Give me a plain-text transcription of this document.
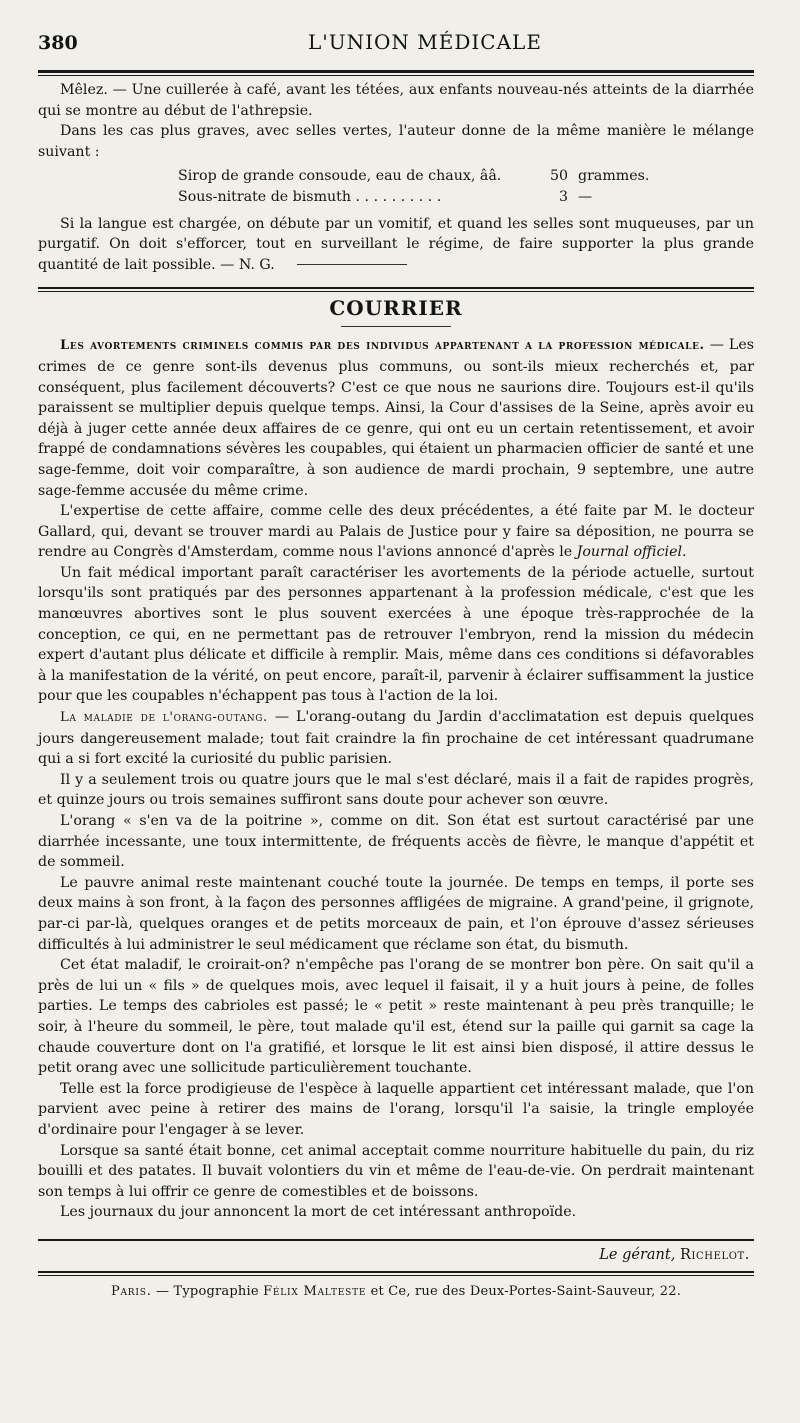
380	L'UNION MÉDICALE

Mêlez. — Une cuillerée à café, avant les tétées, aux enfants nouveau-nés atteints de la diarrhée qui se montre au début de l'athrepsie.

Dans les cas plus graves, avec selles vertes, l'auteur donne de la même manière le mélange suivant :

Sirop de grande consoude, eau de chaux, ââ.	50 grammes.
Sous-nitrate de bismuth . . . . . . . . . .	3 —

Si la langue est chargée, on débute par un vomitif, et quand les selles sont muqueuses, par un purgatif. On doit s'efforcer, tout en surveillant le régime, de faire supporter la plus grande quantité de lait possible. — N. G.

COURRIER

Les avortements criminels commis par des individus appartenant a la profession médicale. — Les crimes de ce genre sont-ils devenus plus communs, ou sont-ils mieux recherchés et, par conséquent, plus facilement découverts? C'est ce que nous ne saurions dire. Toujours est-il qu'ils paraissent se multiplier depuis quelque temps. Ainsi, la Cour d'assises de la Seine, après avoir eu déjà à juger cette année deux affaires de ce genre, qui ont eu un certain retentissement, et avoir frappé de condamnations sévères les coupables, qui étaient un pharmacien officier de santé et une sage-femme, doit voir comparaître, à son audience de mardi prochain, 9 septembre, une autre sage-femme accusée du même crime.

L'expertise de cette affaire, comme celle des deux précédentes, a été faite par M. le docteur Gallard, qui, devant se trouver mardi au Palais de Justice pour y faire sa déposition, ne pourra se rendre au Congrès d'Amsterdam, comme nous l'avions annoncé d'après le Journal officiel.

Un fait médical important paraît caractériser les avortements de la période actuelle, surtout lorsqu'ils sont pratiqués par des personnes appartenant à la profession médicale, c'est que les manœuvres abortives sont le plus souvent exercées à une époque très-rapprochée de la conception, ce qui, en ne permettant pas de retrouver l'embryon, rend la mission du médecin expert d'autant plus délicate et difficile à remplir. Mais, même dans ces conditions si défavorables à la manifestation de la vérité, on peut encore, paraît-il, parvenir à éclairer suffisamment la justice pour que les coupables n'échappent pas tous à l'action de la loi.

La maladie de l'orang-outang. — L'orang-outang du Jardin d'acclimatation est depuis quelques jours dangereusement malade; tout fait craindre la fin prochaine de cet intéressant quadrumane qui a si fort excité la curiosité du public parisien.

Il y a seulement trois ou quatre jours que le mal s'est déclaré, mais il a fait de rapides progrès, et quinze jours ou trois semaines suffiront sans doute pour achever son œuvre.

L'orang « s'en va de la poitrine », comme on dit. Son état est surtout caractérisé par une diarrhée incessante, une toux intermittente, de fréquents accès de fièvre, le manque d'appétit et de sommeil.

Le pauvre animal reste maintenant couché toute la journée. De temps en temps, il porte ses deux mains à son front, à la façon des personnes affligées de migraine. A grand'peine, il grignote, par-ci par-là, quelques oranges et de petits morceaux de pain, et l'on éprouve d'assez sérieuses difficultés à lui administrer le seul médicament que réclame son état, du bismuth.

Cet état maladif, le croirait-on? n'empêche pas l'orang de se montrer bon père. On sait qu'il a près de lui un « fils » de quelques mois, avec lequel il faisait, il y a huit jours à peine, de folles parties. Le temps des cabrioles est passé; le « petit » reste maintenant à peu près tranquille; le soir, à l'heure du sommeil, le père, tout malade qu'il est, étend sur la paille qui garnit sa cage la chaude couverture dont on l'a gratifié, et lorsque le lit est ainsi bien disposé, il attire dessus le petit orang avec une sollicitude particulièrement touchante.

Telle est la force prodigieuse de l'espèce à laquelle appartient cet intéressant malade, que l'on parvient avec peine à retirer des mains de l'orang, lorsqu'il l'a saisie, la tringle employée d'ordinaire pour l'engager à se lever.

Lorsque sa santé était bonne, cet animal acceptait comme nourriture habituelle du pain, du riz bouilli et des patates. Il buvait volontiers du vin et même de l'eau-de-vie. On perdrait maintenant son temps à lui offrir ce genre de comestibles et de boissons.

Les journaux du jour annoncent la mort de cet intéressant anthropoïde.

Le gérant, Richelot.
Paris. — Typographie Félix Malteste et Ce, rue des Deux-Portes-Saint-Sauveur, 22.
